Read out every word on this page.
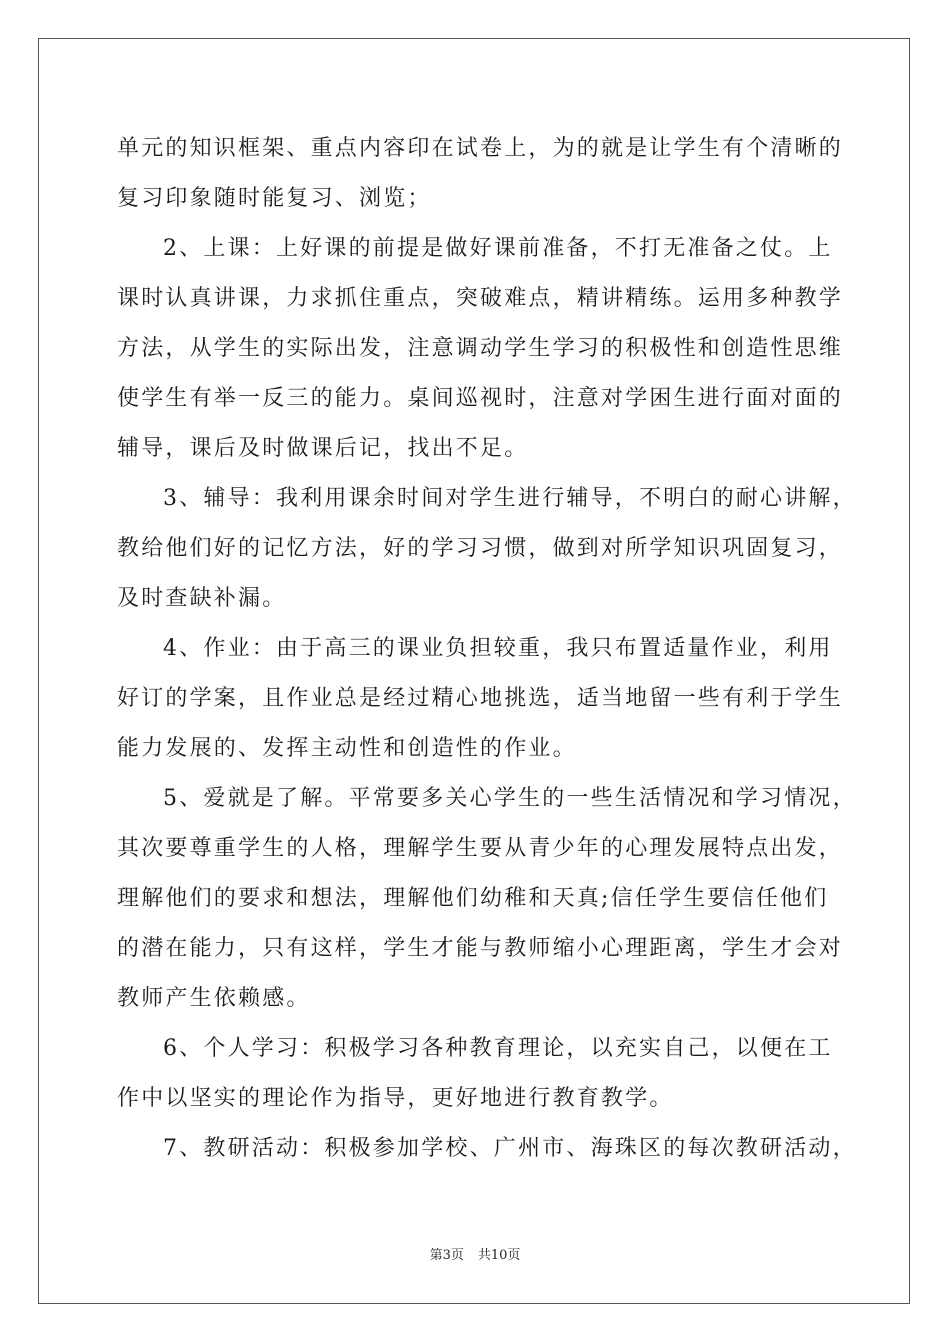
单元的知识框架、重点内容印在试卷上，为的就是让学生有个清晰的
复习印象随时能复习、浏览；
2、上课：上好课的前提是做好课前准备，不打无准备之仗。上
课时认真讲课，力求抓住重点，突破难点，精讲精练。运用多种教学
方法，从学生的实际出发，注意调动学生学习的积极性和创造性思维
使学生有举一反三的能力。桌间巡视时，注意对学困生进行面对面的
辅导，课后及时做课后记，找出不足。
3、辅导：我利用课余时间对学生进行辅导，不明白的耐心讲解，
教给他们好的记忆方法，好的学习习惯，做到对所学知识巩固复习，
及时查缺补漏。
4、作业：由于高三的课业负担较重，我只布置适量作业，利用
好订的学案，且作业总是经过精心地挑选，适当地留一些有利于学生
能力发展的、发挥主动性和创造性的作业。
5、爱就是了解。平常要多关心学生的一些生活情况和学习情况，
其次要尊重学生的人格，理解学生要从青少年的心理发展特点出发，
理解他们的要求和想法，理解他们幼稚和天真;信任学生要信任他们
的潜在能力，只有这样，学生才能与教师缩小心理距离，学生才会对
教师产生依赖感。
6、个人学习：积极学习各种教育理论，以充实自己，以便在工
作中以坚实的理论作为指导，更好地进行教育教学。
7、教研活动：积极参加学校、广州市、海珠区的每次教研活动，
第3页 共10页
